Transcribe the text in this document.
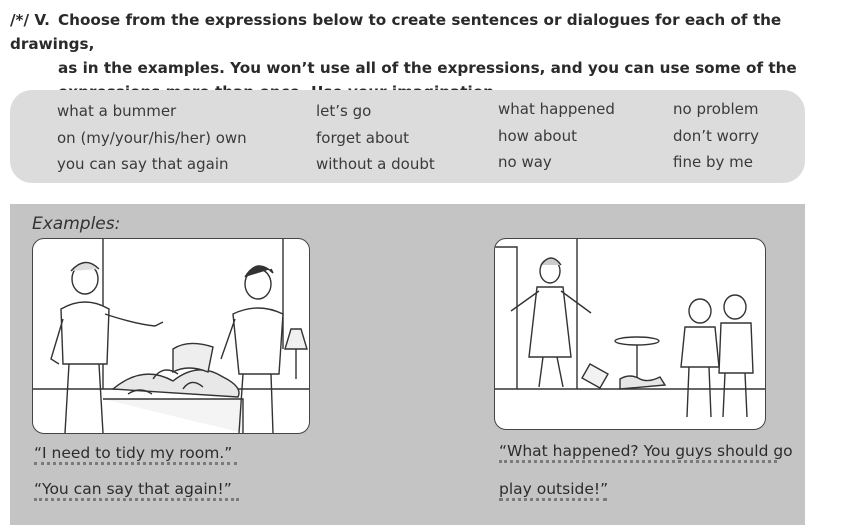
/*/ V. Choose from the expressions below to create sentences or dialogues for each of the drawings,
as in the examples. You won’t use all of the expressions, and you can use some of the
what a bummer
on (my/your/his/her) own
you can say that again
let’s go
forget about
without a doubt
what happened
how about
no way
no problem
don’t worry
fine by me
Examples:
“I need to tidy my room.”
“You can say that again!”
“What happened? You guys should go
play outside!”
